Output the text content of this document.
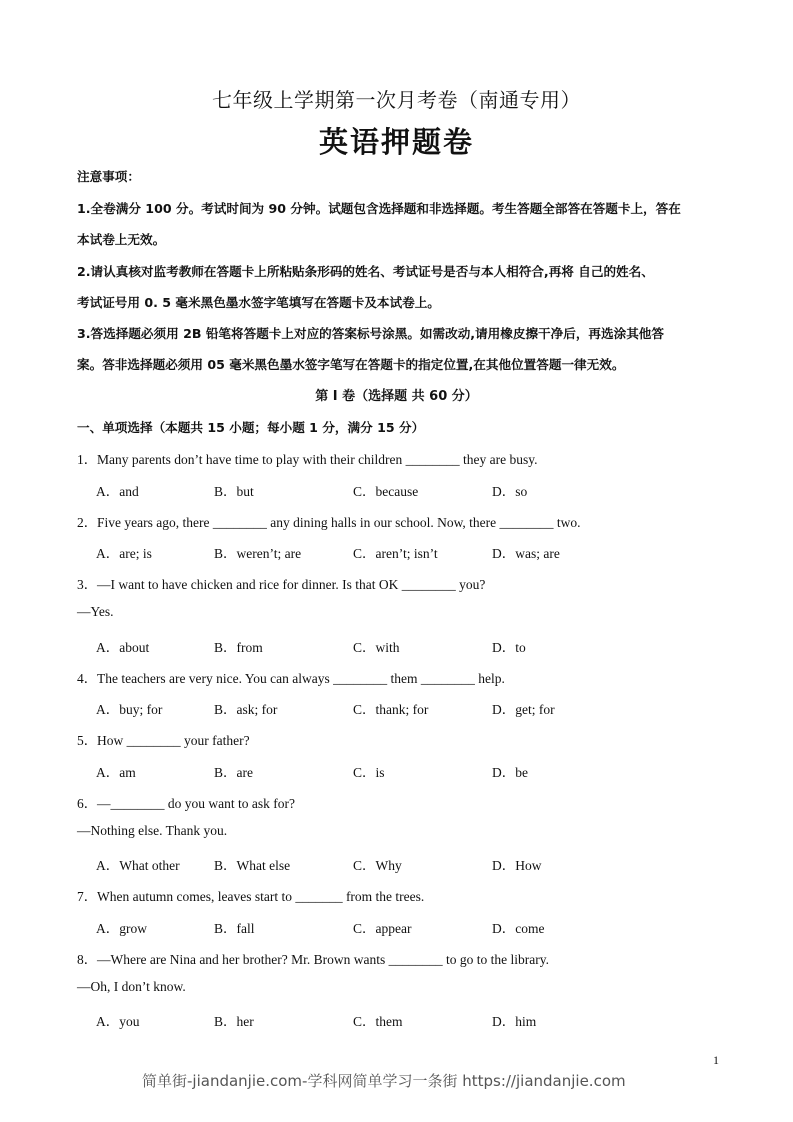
七年级上学期第一次月考卷（南通专用）
英语押题卷
注意事项：
1.全卷满分 100 分。考试时间为 90 分钟。试题包含选择题和非选择题。考生答题全部答在答题卡上，答在
本试卷上无效。
2.请认真核对监考教师在答题卡上所粘贴条形码的姓名、考试证号是否与本人相符合,再将 自己的姓名、
考试证号用 0. 5 毫米黑色墨水签字笔填写在答题卡及本试卷上。
3.答选择题必须用 2B 铅笔将答题卡上对应的答案标号涂黑。如需改动,请用橡皮擦干净后，再选涂其他答
案。答非选择题必须用 05 毫米黑色墨水签字笔写在答题卡的指定位置,在其他位置答题一律无效。
第 I 卷（选择题 共 60 分）
一、单项选择（本题共 15 小题；每小题 1 分，满分 15 分）
1．Many parents don’t have time to play with their children ________ they are busy.
A．and	B．but	C．because	D．so
2．Five years ago, there ________ any dining halls in our school. Now, there ________ two.
A．are; is	B．weren’t; are	C．aren’t; isn’t	D．was; are
3．—I want to have chicken and rice for dinner. Is that OK ________ you?
—Yes.
A．about	B．from	C．with	D．to
4．The teachers are very nice. You can always ________ them ________ help.
A．buy; for	B．ask; for	C．thank; for	D．get; for
5．How ________ your father?
A．am	B．are	C．is	D．be
6．—________ do you want to ask for?
—Nothing else. Thank you.
A．What other	B．What else	C．Why	D．How
7．When autumn comes, leaves start to _______ from the trees.
A．grow	B．fall	C．appear	D．come
8．—Where are Nina and her brother? Mr. Brown wants ________ to go to the library.
—Oh, I don’t know.
A．you	B．her	C．them	D．him
1
简单街-jiandanjie.com-学科网简单学习一条街 https://jiandanjie.com
